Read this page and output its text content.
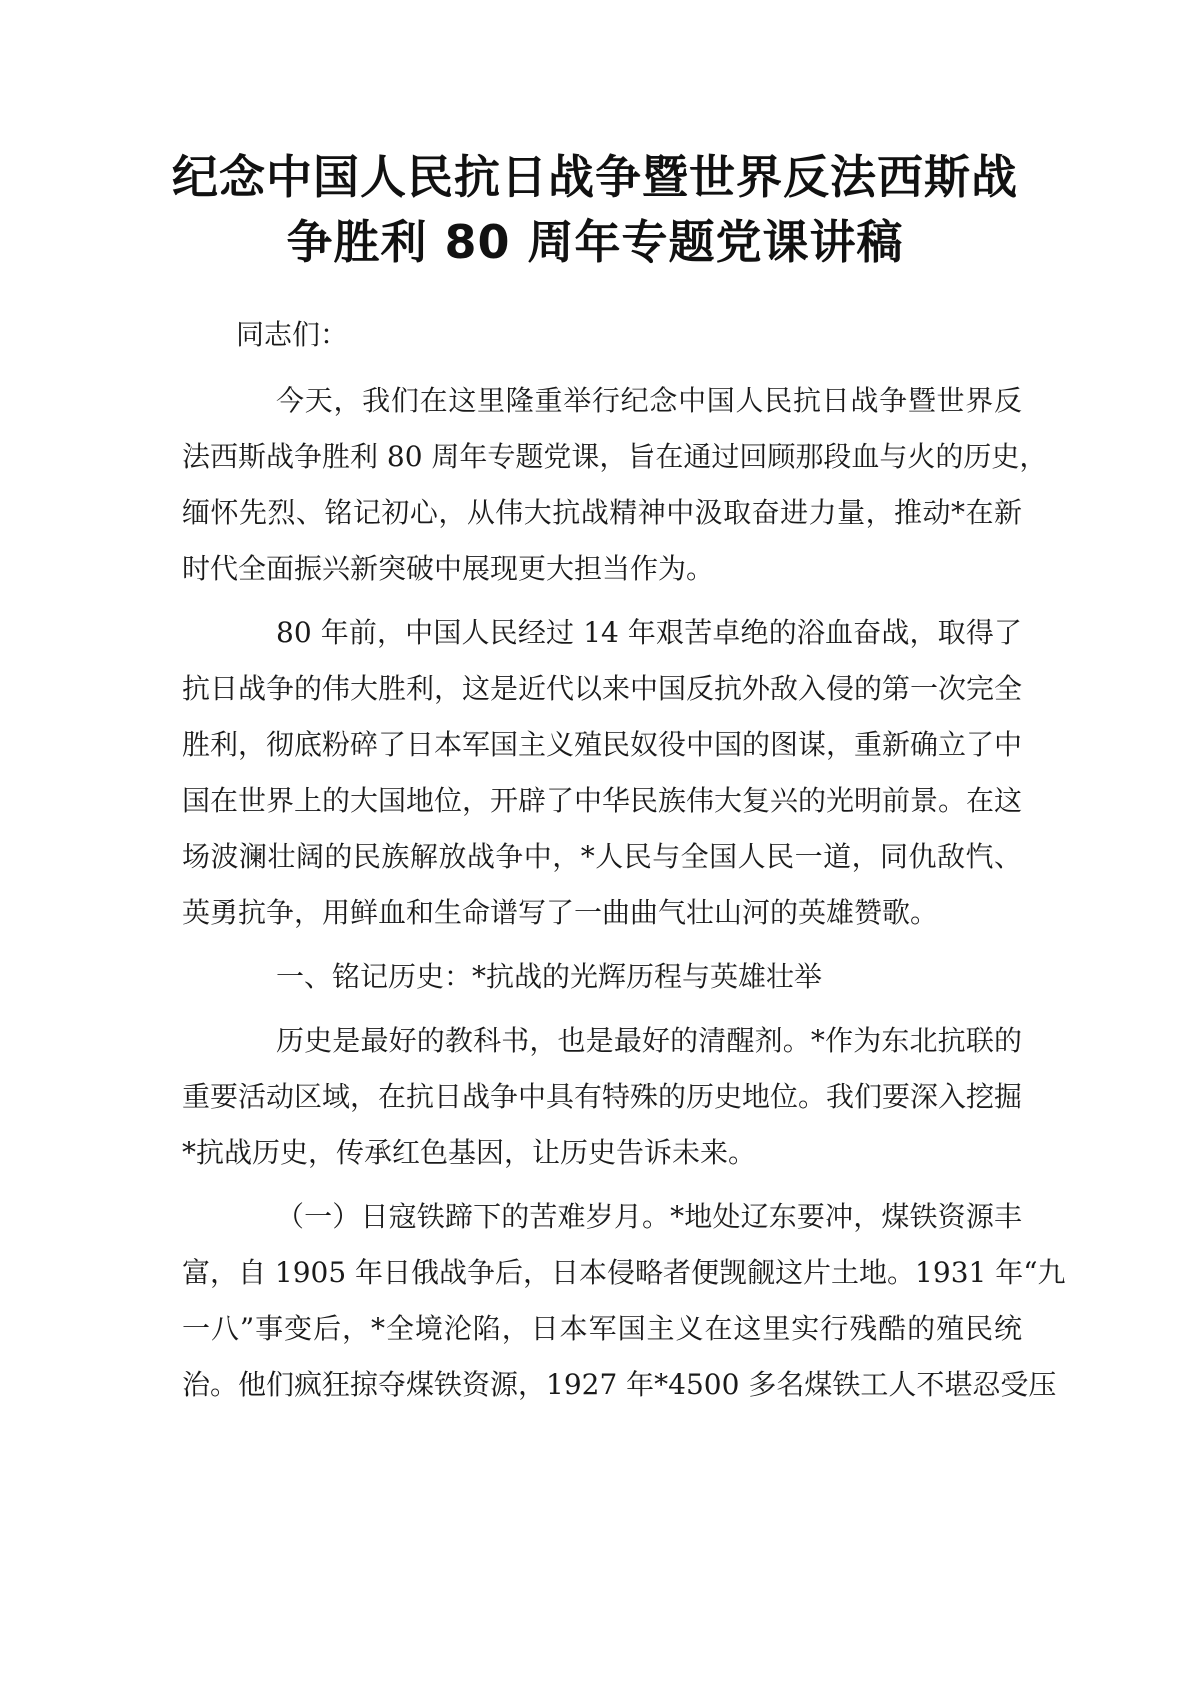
纪念中国人民抗日战争暨世界反法西斯战
争胜利 80 周年专题党课讲稿
同志们：
今天，我们在这里隆重举行纪念中国人民抗日战争暨世界反
法西斯战争胜利 80 周年专题党课，旨在通过回顾那段血与火的历史，
缅怀先烈、铭记初心，从伟大抗战精神中汲取奋进力量，推动*在新
时代全面振兴新突破中展现更大担当作为。
80 年前，中国人民经过 14 年艰苦卓绝的浴血奋战，取得了
抗日战争的伟大胜利，这是近代以来中国反抗外敌入侵的第一次完全
胜利，彻底粉碎了日本军国主义殖民奴役中国的图谋，重新确立了中
国在世界上的大国地位，开辟了中华民族伟大复兴的光明前景。在这
场波澜壮阔的民族解放战争中，*人民与全国人民一道，同仇敌忾、
英勇抗争，用鲜血和生命谱写了一曲曲气壮山河的英雄赞歌。
一、铭记历史：*抗战的光辉历程与英雄壮举
历史是最好的教科书，也是最好的清醒剂。*作为东北抗联的
重要活动区域，在抗日战争中具有特殊的历史地位。我们要深入挖掘
*抗战历史，传承红色基因，让历史告诉未来。
（一）日寇铁蹄下的苦难岁月。*地处辽东要冲，煤铁资源丰
富，自 1905 年日俄战争后，日本侵略者便觊觎这片土地。1931 年“九
一八”事变后，*全境沦陷，日本军国主义在这里实行残酷的殖民统
治。他们疯狂掠夺煤铁资源，1927 年*4500 多名煤铁工人不堪忍受压
